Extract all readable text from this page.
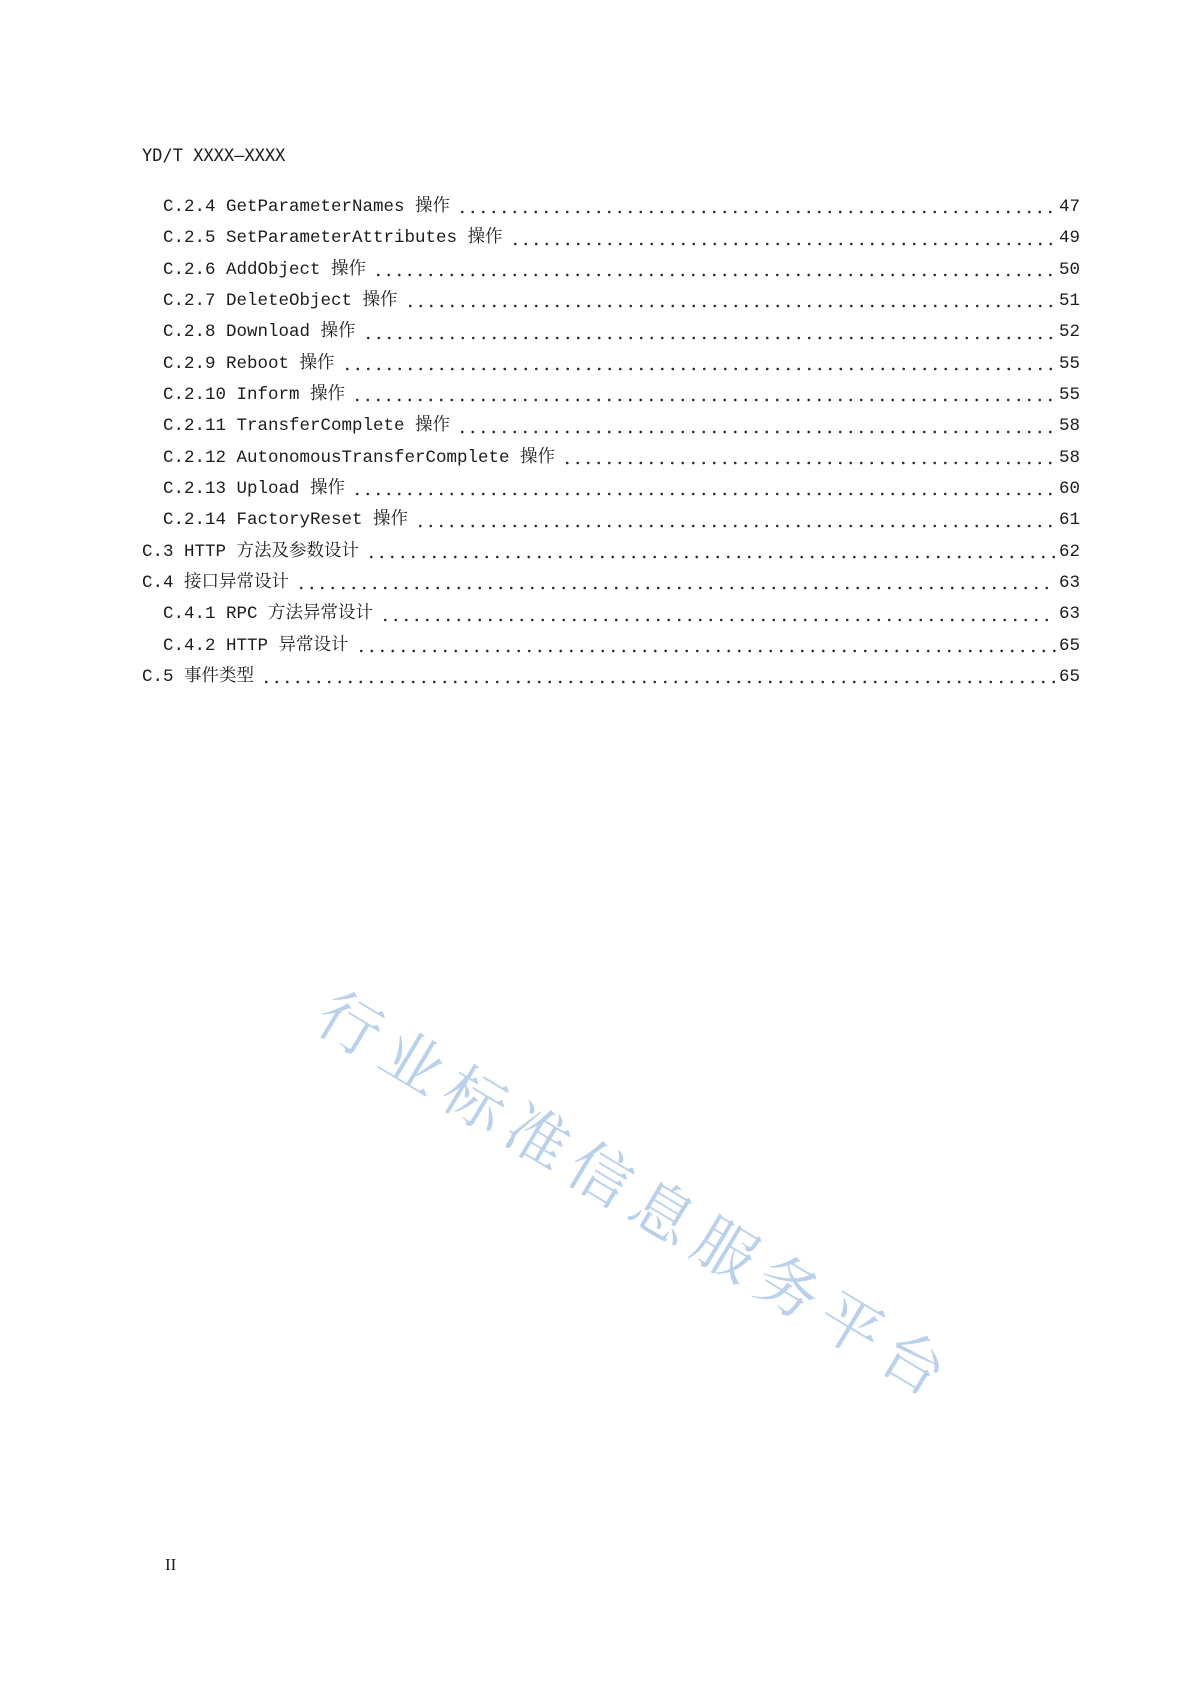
YD/T XXXX—XXXX
C.2.4 GetParameterNames 操作	47
C.2.5 SetParameterAttributes 操作	49
C.2.6 AddObject 操作	50
C.2.7 DeleteObject 操作	51
C.2.8 Download 操作	52
C.2.9 Reboot 操作	55
C.2.10 Inform 操作	55
C.2.11 TransferComplete 操作	58
C.2.12 AutonomousTransferComplete 操作	58
C.2.13 Upload 操作	60
C.2.14 FactoryReset 操作	61
C.3 HTTP 方法及参数设计	62
C.4 接口异常设计	63
C.4.1 RPC 方法异常设计	63
C.4.2 HTTP 异常设计	65
C.5 事件类型	65
行业标准信息服务平台
II
